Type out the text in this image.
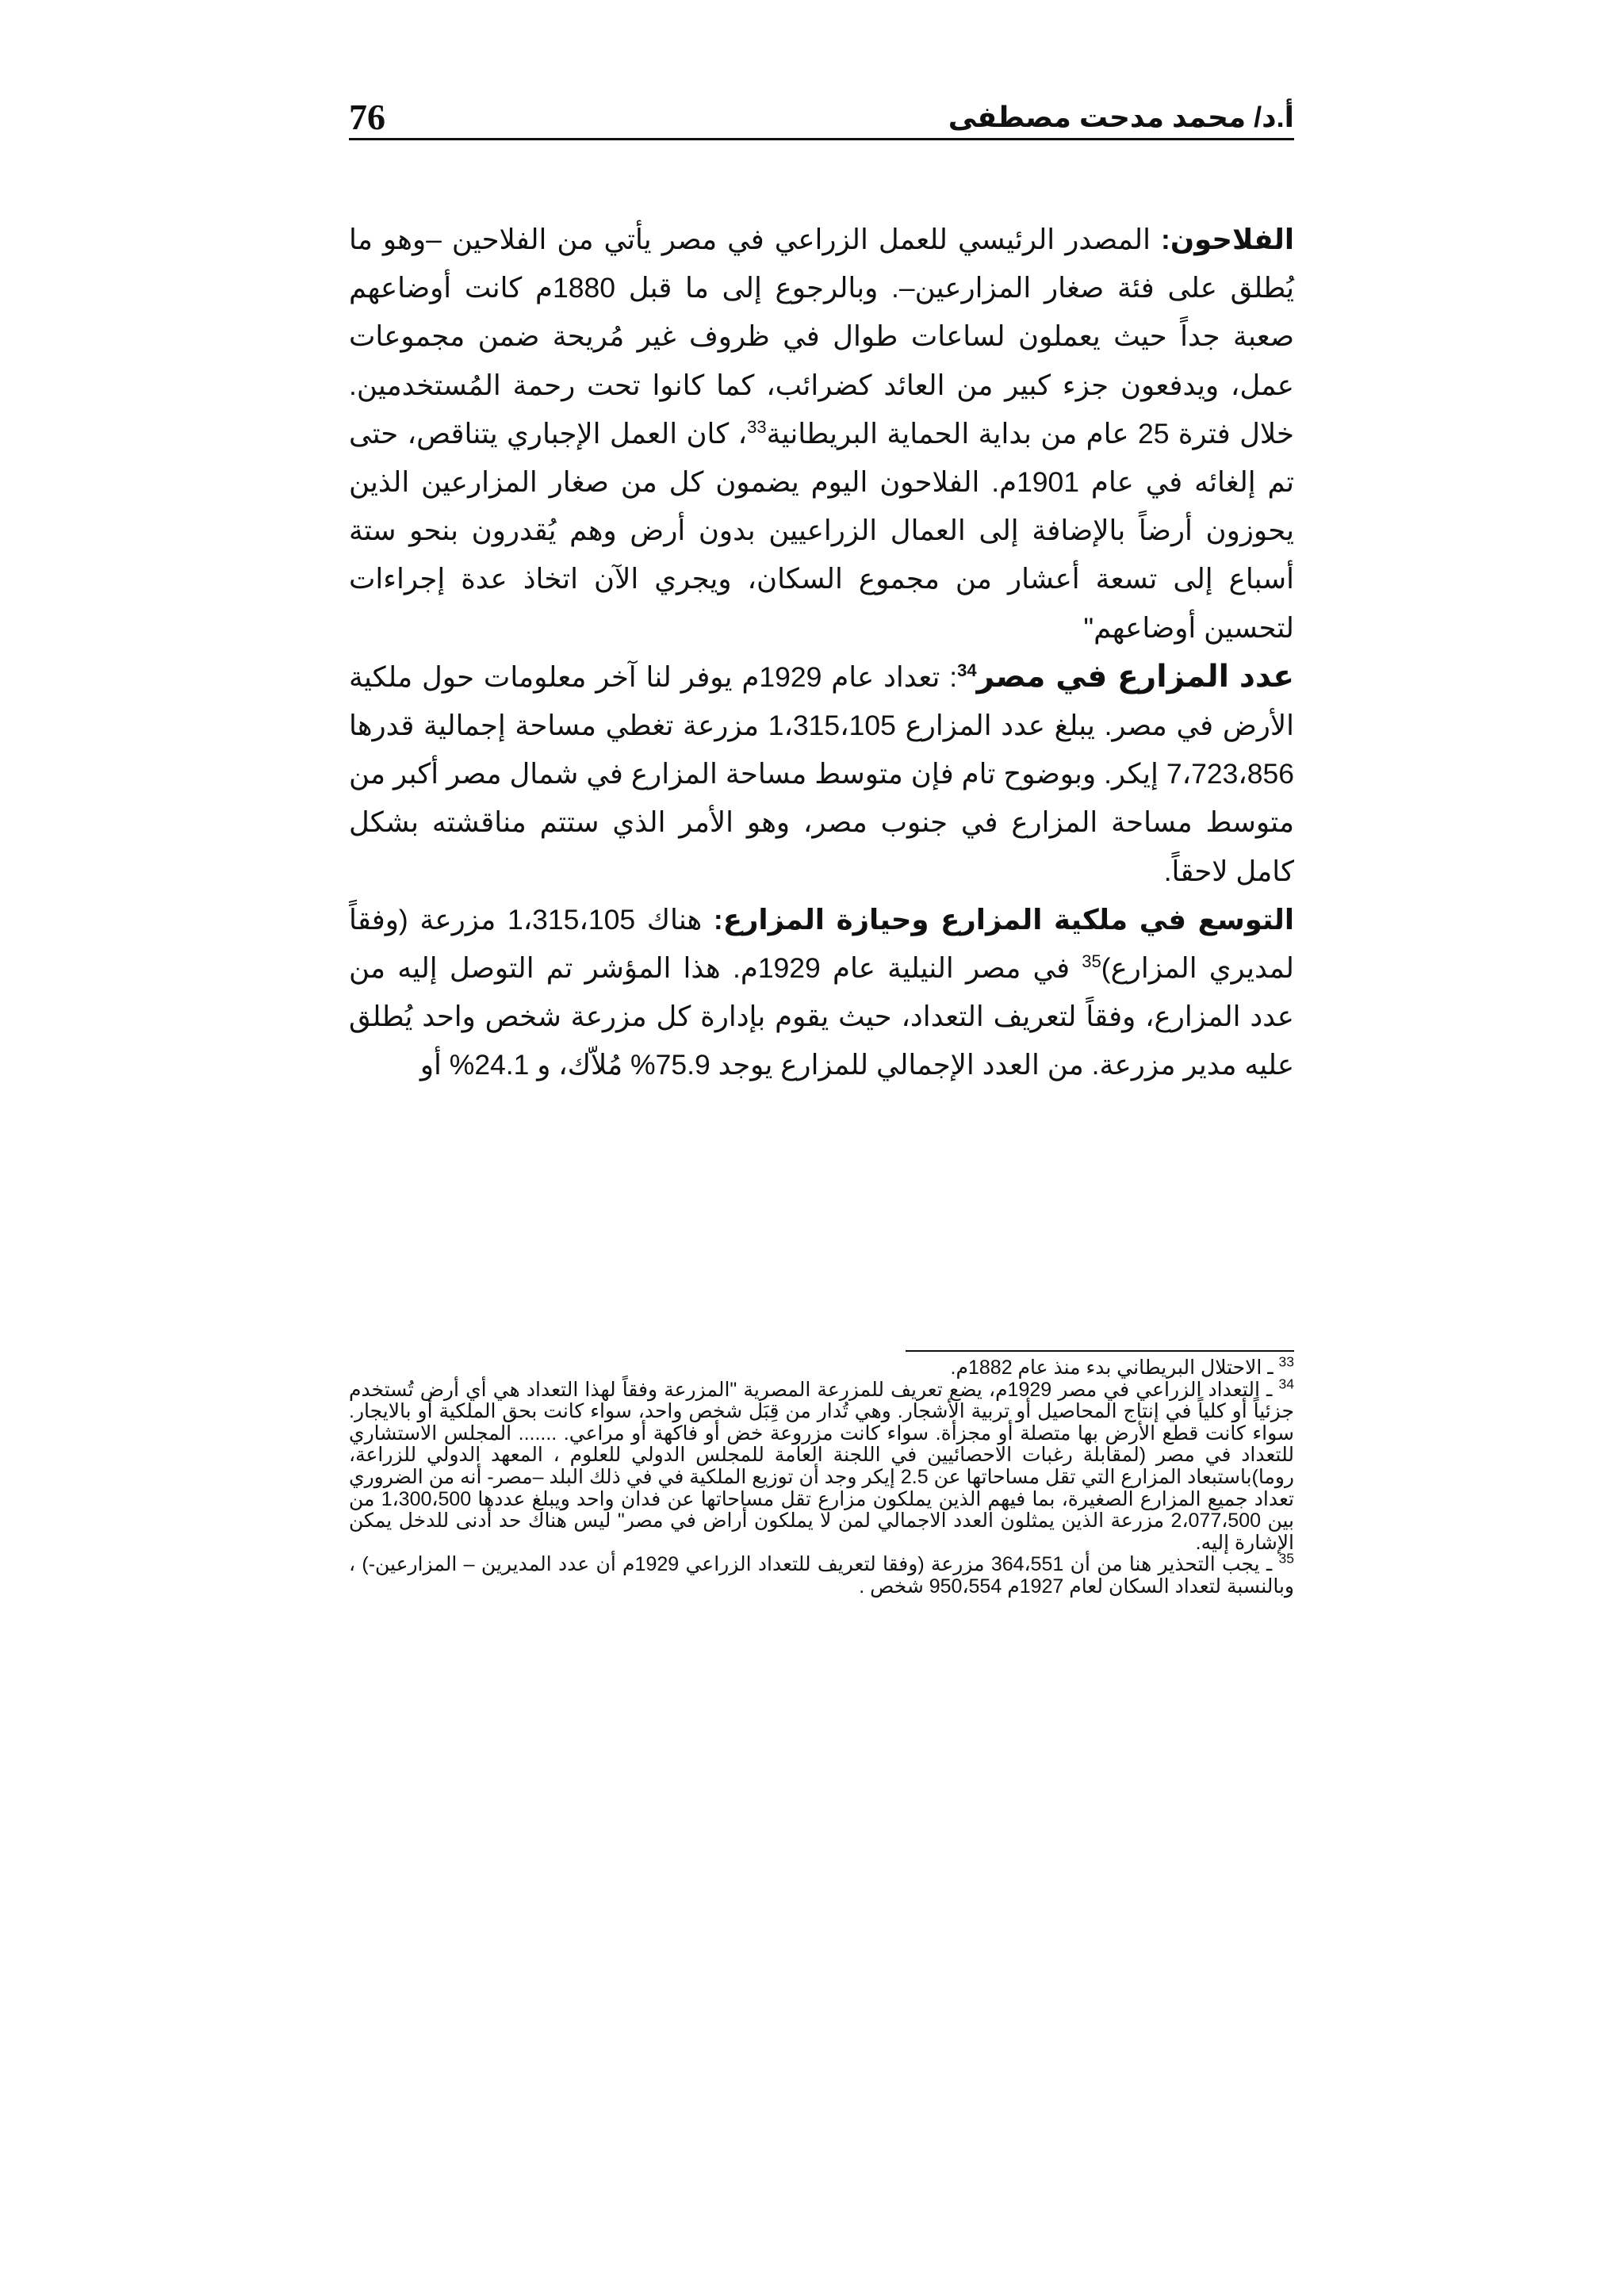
76	أ.د/ محمد مدحت مصطفى

الفلاحون: المصدر الرئيسي للعمل الزراعي في مصر يأتي من الفلاحين –وهو ما يُطلق على فئة صغار المزارعين–. وبالرجوع إلى ما قبل 1880م كانت أوضاعهم صعبة جداً حيث يعملون لساعات طوال في ظروف غير مُريحة ضمن مجموعات عمل، ويدفعون جزء كبير من العائد كضرائب، كما كانوا تحت رحمة المُستخدمين. خلال فترة 25 عام من بداية الحماية البريطانية$^{33}$، كان العمل الإجباري يتناقص، حتى تم إلغائه في عام 1901م. الفلاحون اليوم يضمون كل من صغار المزارعين الذين يحوزون أرضاً بالإضافة إلى العمال الزراعيين بدون أرض وهم يُقدرون بنحو ستة أسباع إلى تسعة أعشار من مجموع السكان، ويجري الآن اتخاذ عدة إجراءات لتحسين أوضاعهم"

عدد المزارع في مصر$^{34}$: تعداد عام 1929م يوفر لنا آخر معلومات حول ملكية الأرض في مصر. يبلغ عدد المزارع 1،315،105 مزرعة تغطي مساحة إجمالية قدرها 7،723،856 إيكر. وبوضوح تام فإن متوسط مساحة المزارع في شمال مصر أكبر من متوسط مساحة المزارع في جنوب مصر، وهو الأمر الذي ستتم مناقشته بشكل كامل لاحقاً.

التوسع في ملكية المزارع وحيازة المزارع: هناك 1،315،105 مزرعة (وفقاً لمديري المزارع)$^{35}$ في مصر النيلية عام 1929م. هذا المؤشر تم التوصل إليه من عدد المزارع، وفقاً لتعريف التعداد، حيث يقوم بإدارة كل مزرعة شخص واحد يُطلق عليه مدير مزرعة. من العدد الإجمالي للمزارع يوجد 75.9% مُلاّك، و 24.1% أو

$^{33}$ ـ الاحتلال البريطاني بدء منذ عام 1882م.

$^{34}$ ـ التعداد الزراعي في مصر 1929م، يضع تعريف للمزرعة المصرية "المزرعة وفقاً لهذا التعداد هي أي أرض تُستخدم جزئياً أو كلياً في إنتاج المحاصيل أو تربية الأشجار. وهي تُدار من قِبَل شخص واحد، سواء كانت بحق الملكية أو بالايجار. سواء كانت قطع الأرض بها متصلة أو مجزأة. سواء كانت مزروعة خض أو فاكهة أو مراعي. ....... المجلس الاستشاري للتعداد في مصر (لمقابلة رغبات الاحصائيين في اللجنة العامة للمجلس الدولي للعلوم ، المعهد الدولي للزراعة، روما)باستبعاد المزارع التي تقل مساحاتها عن 2.5 إيكر وجد أن توزيع الملكية في في ذلك البلد –مصر- أنه من الضروري تعداد جميع المزارع الصغيرة، بما فيهم الذين يملكون مزارع تقل مساحاتها عن فدان واحد ويبلغ عددها 1،300،500 من بين 2،077،500 مزرعة الذين يمثلون العدد الاجمالي لمن لا يملكون أراض في مصر" ليس هناك حد أدنى للدخل يمكن الإشارة إليه.

$^{35}$ ـ يجب التحذير هنا من أن 364،551 مزرعة (وفقا لتعريف للتعداد الزراعي 1929م أن عدد المديرين – المزارعين-) ، وبالنسبة لتعداد السكان لعام 1927م 950،554 شخص .
